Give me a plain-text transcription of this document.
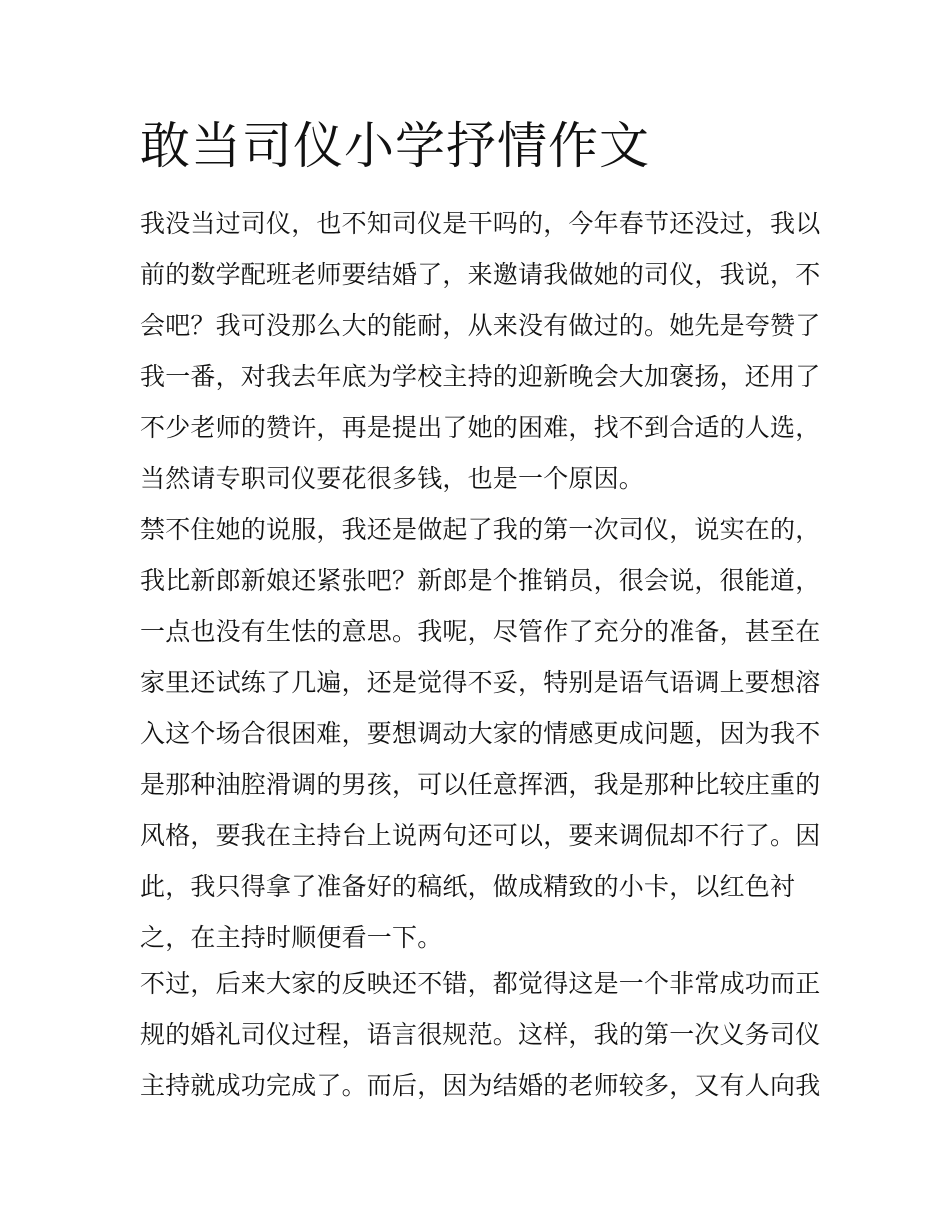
敢当司仪小学抒情作文

我没当过司仪，也不知司仪是干吗的，今年春节还没过，我以

前的数学配班老师要结婚了，来邀请我做她的司仪，我说，不

会吧？我可没那么大的能耐，从来没有做过的。她先是夸赞了

我一番，对我去年底为学校主持的迎新晚会大加褒扬，还用了

不少老师的赞许，再是提出了她的困难，找不到合适的人选，

当然请专职司仪要花很多钱，也是一个原因。

禁不住她的说服，我还是做起了我的第一次司仪，说实在的，

我比新郎新娘还紧张吧？新郎是个推销员，很会说，很能道，

一点也没有生怯的意思。我呢，尽管作了充分的准备，甚至在

家里还试练了几遍，还是觉得不妥，特别是语气语调上要想溶

入这个场合很困难，要想调动大家的情感更成问题，因为我不

是那种油腔滑调的男孩，可以任意挥洒，我是那种比较庄重的

风格，要我在主持台上说两句还可以，要来调侃却不行了。因

此，我只得拿了准备好的稿纸，做成精致的小卡，以红色衬

之，在主持时顺便看一下。

不过，后来大家的反映还不错，都觉得这是一个非常成功而正

规的婚礼司仪过程，语言很规范。这样，我的第一次义务司仪

主持就成功完成了。而后，因为结婚的老师较多，又有人向我
